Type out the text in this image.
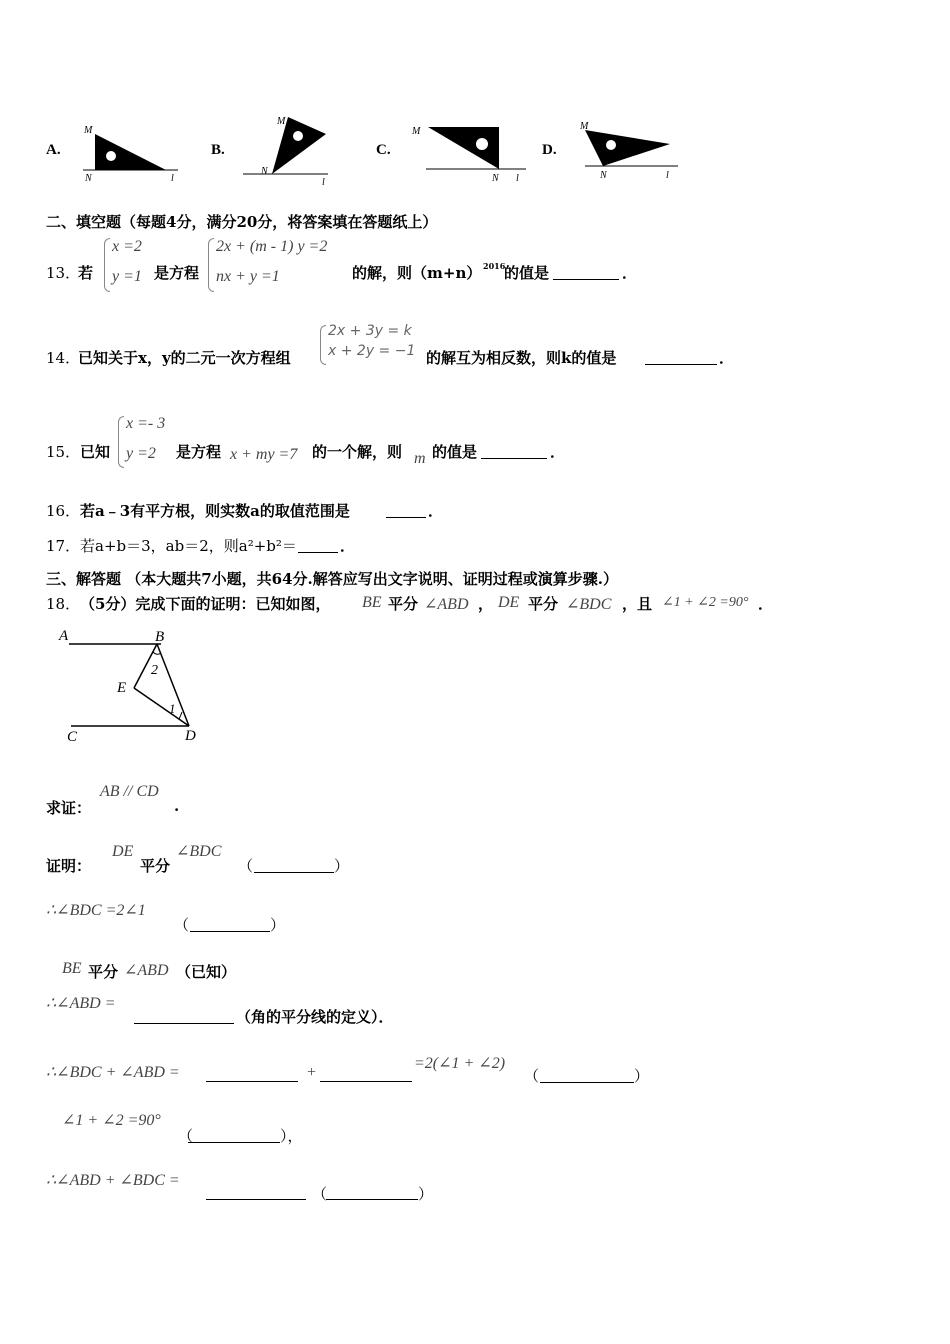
A.
M
N	l
B.
M
N
l
C.
M
N l
D.
M
N	l
二、填空题（每题4分，满分20分，将答案填在答题纸上）
13．
若
x =2
y =1 是方程
2x + (m - 1) y =2
nx + y =1	的解，则（m+n） 2016
的值是	．
14．
已知关于x，y的二元一次方程组
2x + 3y = k
x + 2y = −1 的解互为相反数，则k的值是	．
15． 已知
x =- 3
y =2 是方程 x + my =7 的一个解，则 m 的值是	．
16． 若a﹣3有平方根，则实数a的取值范围是	．
17． 若a+b＝3，ab＝2，则a²+b²＝	．
三、解答题 （本大题共7小题，共64分.解答应写出文字说明、证明过程或演算步骤.）
18． （5分）完成下面的证明：已知如图， BE 平分 ∠ABD ， DE 平分 ∠BDC ，且 ∠1 + ∠2 =90° ．
A	B
E
C	D
2
1
求证：
AB // CD
.
证明：
DE
平分
∠BDC
（	）
∴∠BDC =2∠1
（	）
BE 平分 ∠ABD （已知）
∴∠ABD =
（角的平分线的定义）．
∴∠BDC + ∠ABD =	+
=2(∠1 + ∠2)
（	）
∠1 + ∠2 =90°
（	），
∴∠ABD + ∠BDC =
（	）
